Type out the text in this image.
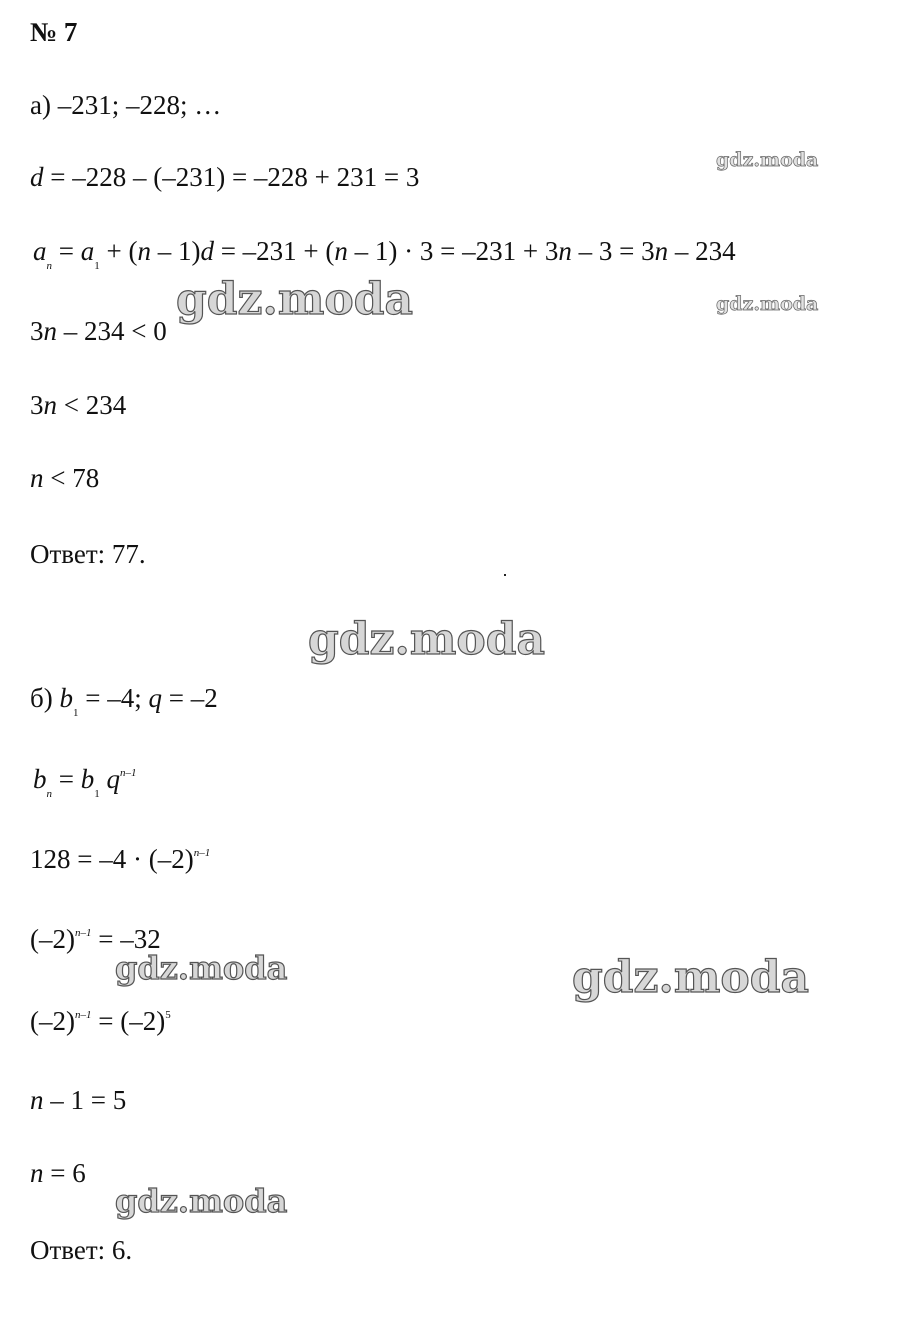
№ 7
а) –231; –228; …
d = –228 – (–231) = –228 + 231 = 3
$a_n = a_1 + (n - 1)d = -231 + (n - 1) \cdot 3 = -231 + 3n - 3 = 3n - 234$
3n – 234 < 0
3n < 234
n < 78
Ответ: 77.
б) $b_1 = -4$; q = –2
$b_n = b_1$ $q^{n-1}$
$128 = -4 \cdot (-2)^{n-1}$
$(-2)^{n-1} = -32$
$(-2)^{n-1} = (-2)^5$
n – 1 = 5
n = 6
Ответ: 6.
gdz.moda
gdz.moda
gdz.moda
gdz.moda
gdz.moda	gdz.moda
gdz.moda
